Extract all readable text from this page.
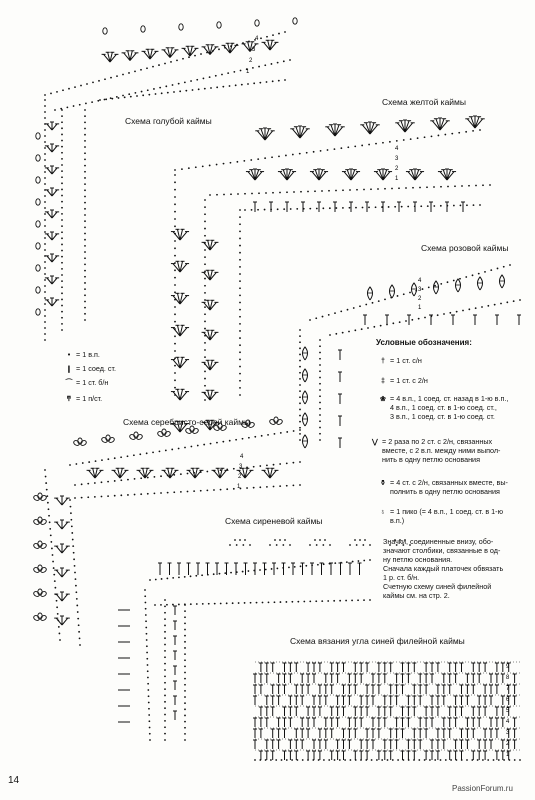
9
8
7
6
5
4
3
2
1
4
3
2
1
4
3
2
1
4
3
2
1
4
3
2
1
Схема голубой каймы
Схема желтой каймы
Схема розовой каймы
Схема серебристо-серой каймы
Схема сиреневой каймы
Схема вязания угла синей филейной каймы
• = 1 в.п.
❙ = 1 соед. ст.
⌒ = 1 ст. б/н
ͳ = 1 п/ст.
Условные обозначения:
† = 1 ст. с/н
‡ = 1 ст. с 2/н
❀ = 4 в.п., 1 соед. ст. назад в 1-ю в.п.,
4 в.п., 1 соед. ст. в 1-ю соед. ст.,
3 в.п., 1 соед. ст. в 1-ю соед. ст.
⋁ = 2 раза по 2 ст. с 2/н, связанных
вместе, с 2 в.п. между ними выпол-
нить в одну петлю основания
⚱ = 4 ст. с 2/н, связанных вместе, вы-
полнить в одну петлю основания
♁ = 1 пико (= 4 в.п., 1 соед. ст. в 1-ю
в.п.)
Значки, соединенные внизу, обо-
значают столбики, связанные в од-
ну петлю основания.
Сначала каждый платочек обвязать
1 р. ст. б/н.
Счетную схему синей филейной
каймы см. на стр. 2.
14
PassionForum.ru
